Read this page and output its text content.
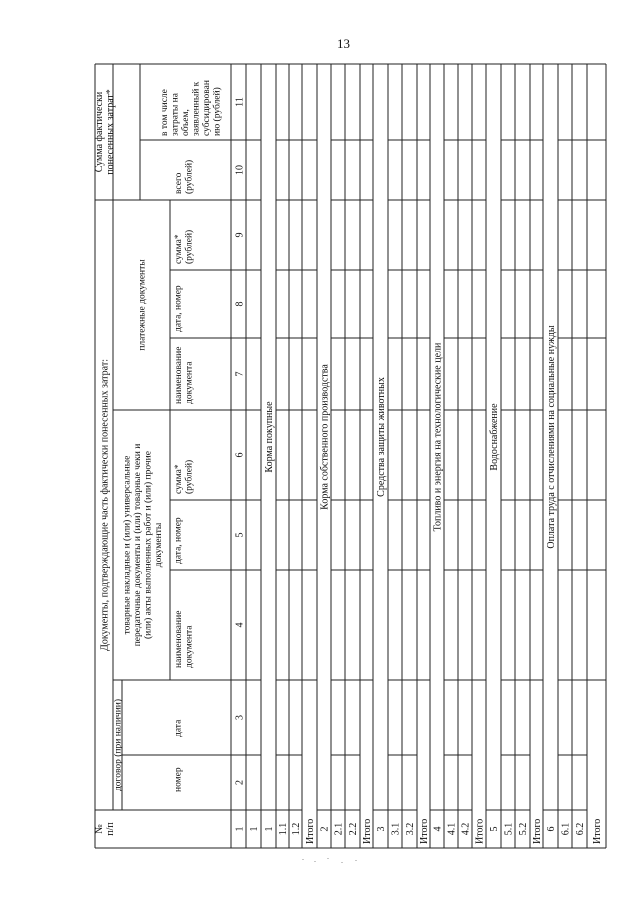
13
№п/п
Документы, подтверждающие часть фактически понесенных затрат:
Сумма фактическипонесенных затрат*
договор (при наличии)
товарные накладные и (или) универсальныепередаточные документы и (или) товарные чеки и(или) акты выполненных работ и (или) прочиедокументы
платежные документы
номер
дата
наименованиедокумента
дата, номер
сумма*(рублей)
наименованиедокумента
дата, номер
сумма*(рублей)
всего(рублей)
в том числезатраты наобъем,заявленный ксубсидированию (рублей)
1
2
3
4
5
6
7
8
9
10
11
1 1
Корма покупные
1.1 1.2 Итого 2
Корма собственного производства
2.1 2.2 Итого 3
Средства защиты животных
3.1 3.2 Итого 4
Топливо и энергия на технологические цели
4.1 4.2 Итого 5
Водоснабжение
5.1 5.2 Итого 6
Оплата труда с отчислениями на социальные нужды
6.1 6.2 Итого
